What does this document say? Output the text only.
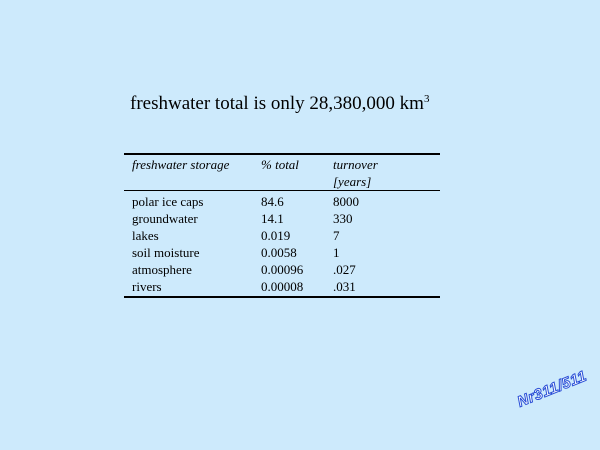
freshwater total is only 28,380,000 $km^3$
freshwater storage	% total	turnover
[years]
polar ice caps	84.6	8000
groundwater	14.1	330
lakes	0.019	7
soil moisture	0.0058	1
atmosphere	0.00096	.027
rivers	0.00008	.031
Nr311/511
